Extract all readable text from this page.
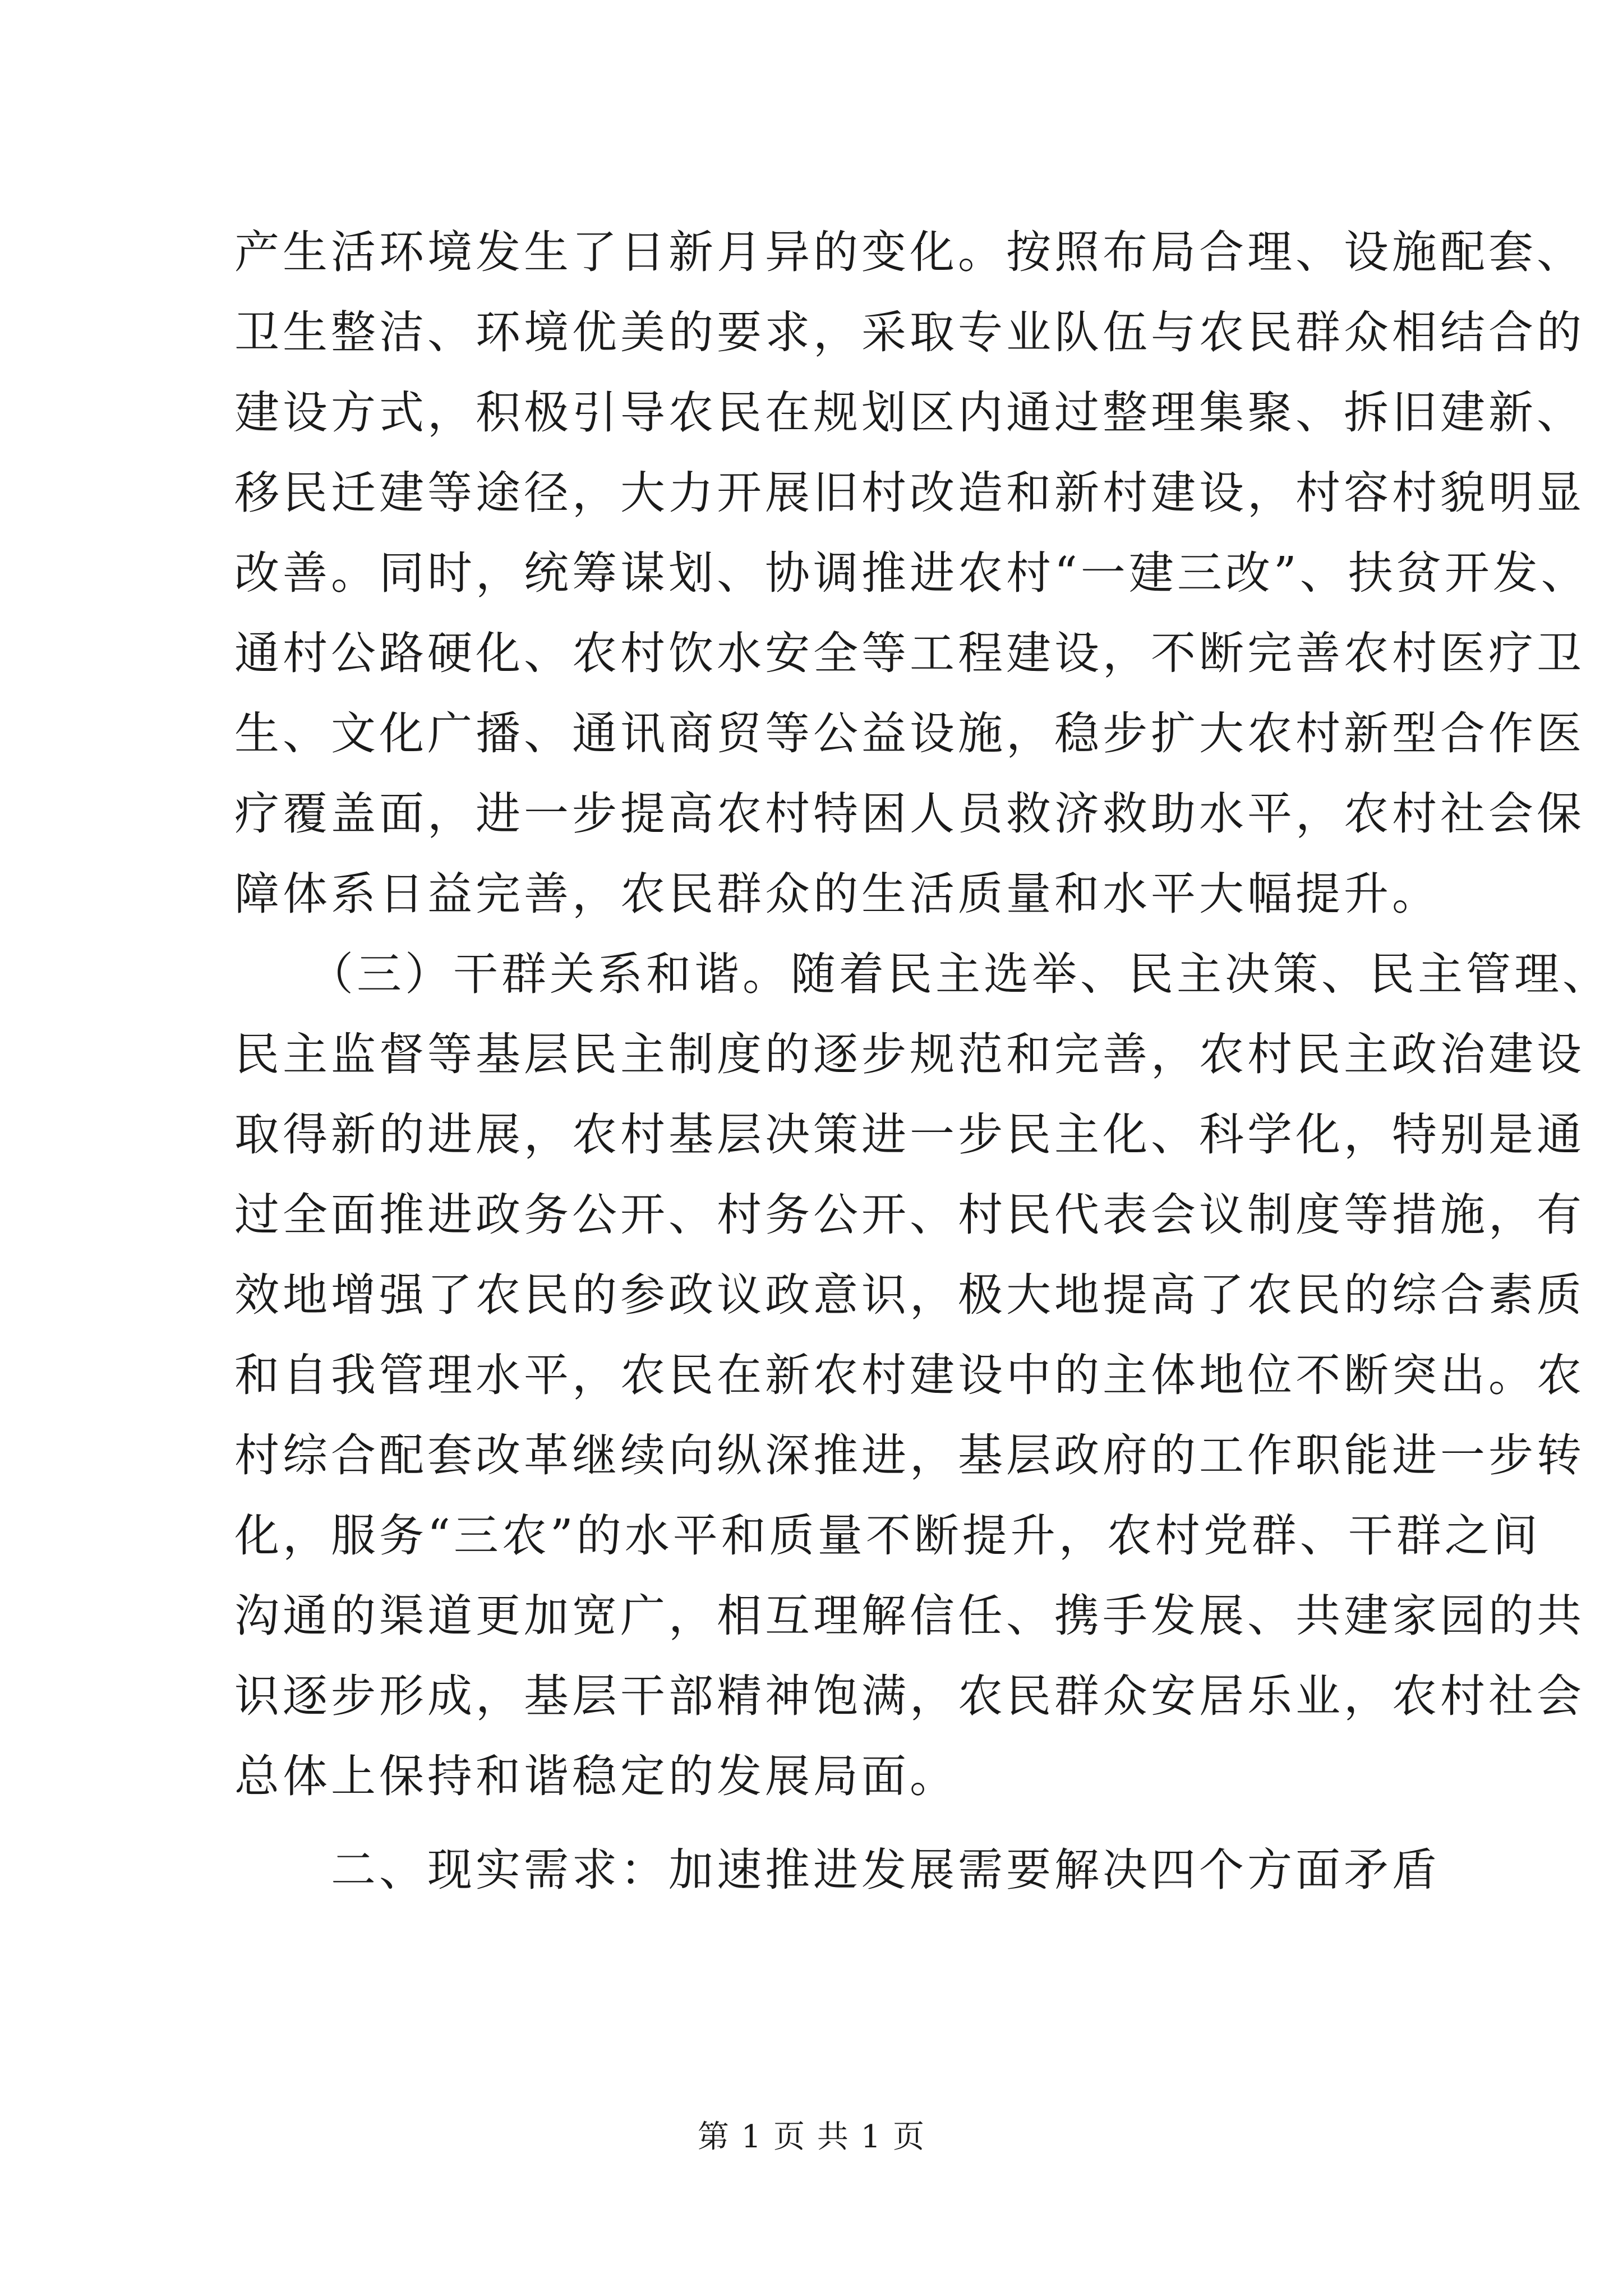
产生活环境发生了日新月异的变化。按照布局合理、设施配套、
卫生整洁、环境优美的要求，采取专业队伍与农民群众相结合的
建设方式，积极引导农民在规划区内通过整理集聚、拆旧建新、
移民迁建等途径，大力开展旧村改造和新村建设，村容村貌明显
改善。同时，统筹谋划、协调推进农村“一建三改”、扶贫开发、
通村公路硬化、农村饮水安全等工程建设，不断完善农村医疗卫
生、文化广播、通讯商贸等公益设施，稳步扩大农村新型合作医
疗覆盖面，进一步提高农村特困人员救济救助水平，农村社会保
障体系日益完善，农民群众的生活质量和水平大幅提升。
　　（三）干群关系和谐。随着民主选举、民主决策、民主管理、
民主监督等基层民主制度的逐步规范和完善，农村民主政治建设
取得新的进展，农村基层决策进一步民主化、科学化，特别是通
过全面推进政务公开、村务公开、村民代表会议制度等措施，有
效地增强了农民的参政议政意识，极大地提高了农民的综合素质
和自我管理水平，农民在新农村建设中的主体地位不断突出。农
村综合配套改革继续向纵深推进，基层政府的工作职能进一步转
化，服务“三农”的水平和质量不断提升，农村党群、干群之间
沟通的渠道更加宽广，相互理解信任、携手发展、共建家园的共
识逐步形成，基层干部精神饱满，农民群众安居乐业，农村社会
总体上保持和谐稳定的发展局面。
　　二、现实需求：加速推进发展需要解决四个方面矛盾
第 1 页 共 1 页
